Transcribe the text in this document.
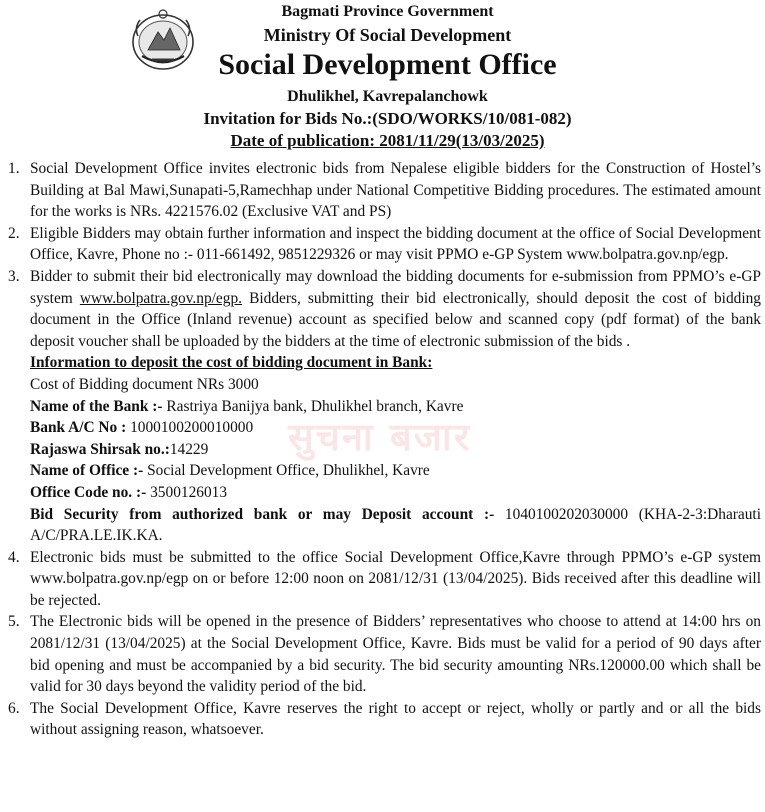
Bagmati Province Government
Ministry Of Social Development
Social Development Office
Dhulikhel, Kavrepalanchowk
Invitation for Bids No.:(SDO/WORKS/10/081-082)
Date of publication: 2081/11/29(13/03/2025)
सुचना बजार
1. Social Development Office invites electronic bids from Nepalese eligible bidders for the Construction of Hostel’s Building at Bal Mawi,Sunapati-5,Ramechhap under National Competitive Bidding procedures. The estimated amount for the works is NRs. 4221576.02 (Exclusive VAT and PS)
2. Eligible Bidders may obtain further information and inspect the bidding document at the office of Social Development Office, Kavre, Phone no :- 011-661492, 9851229326 or may visit PPMO e-GP System www.bolpatra.gov.np/egp.
3. Bidder to submit their bid electronically may download the bidding documents for e-submission from PPMO’s e-GP system www.bolpatra.gov.np/egp. Bidders, submitting their bid electronically, should deposit the cost of bidding document in the Office (Inland revenue) account as specified below and scanned copy (pdf format) of the bank deposit voucher shall be uploaded by the bidders at the time of electronic submission of the bids .
Information to deposit the cost of bidding document in Bank:
Cost of Bidding document NRs 3000
Name of the Bank :- Rastriya Banijya bank, Dhulikhel branch, Kavre
Bank A/C No : 1000100200010000
Rajaswa Shirsak no.:14229
Name of Office :- Social Development Office, Dhulikhel, Kavre
Office Code no. :- 3500126013
Bid Security from authorized bank or may Deposit account :- 1040100202030000 (KHA-2-3:Dharauti A/C/PRA.LE.IK.KA.
4. Electronic bids must be submitted to the office Social Development Office,Kavre through PPMO’s e-GP system www.bolpatra.gov.np/egp on or before 12:00 noon on 2081/12/31 (13/04/2025). Bids received after this deadline will be rejected.
5. The Electronic bids will be opened in the presence of Bidders’ representatives who choose to attend at 14:00 hrs on 2081/12/31 (13/04/2025) at the Social Development Office, Kavre. Bids must be valid for a period of 90 days after bid opening and must be accompanied by a bid security. The bid security amounting NRs.120000.00 which shall be valid for 30 days beyond the validity period of the bid.
6. The Social Development Office, Kavre reserves the right to accept or reject, wholly or partly and or all the bids without assigning reason, whatsoever.
